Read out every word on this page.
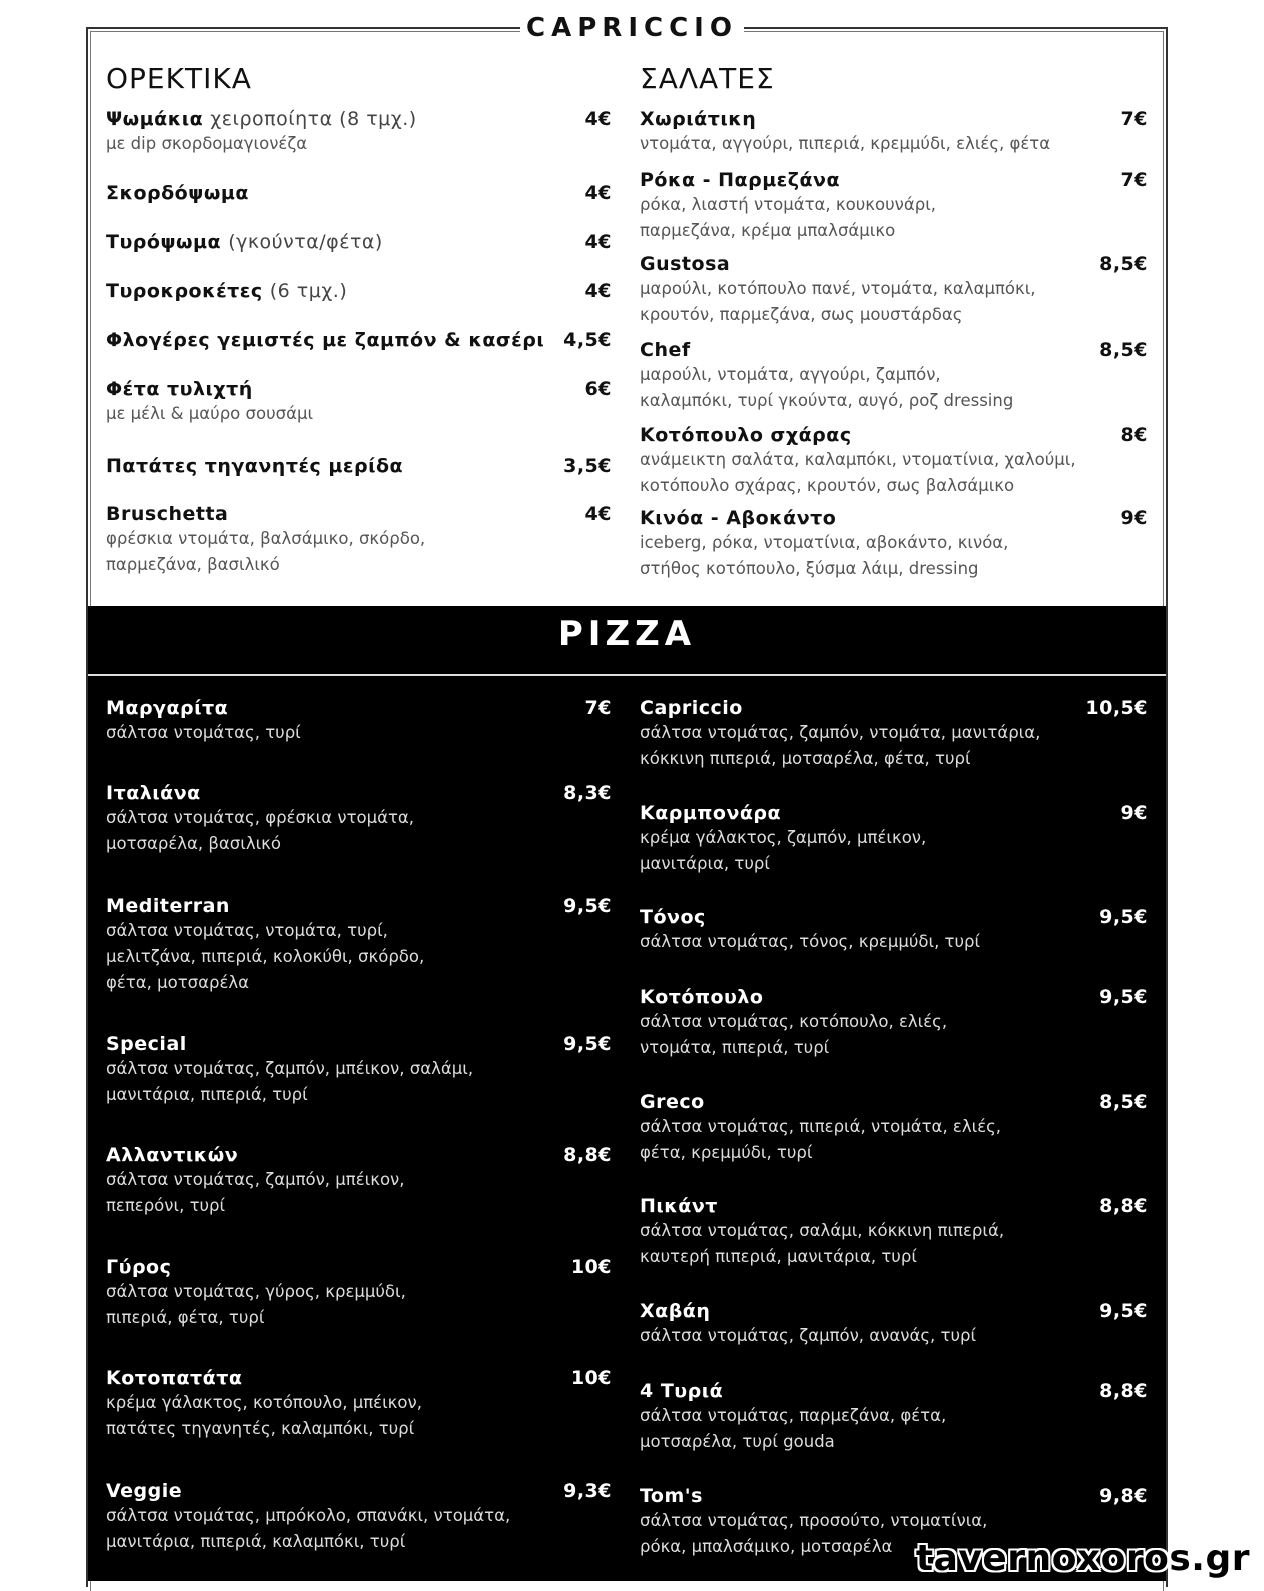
CAPRICCIO
ΟΡΕΚΤΙΚΑ	ΣΑΛΑΤΕΣ
Ψωμάκια χειροποίητα (8 τμχ.)	4€
με dip σκορδομαγιονέζα
Σκορδόψωμα	4€
Τυρόψωμα (γκούντα/φέτα)	4€
Τυροκροκέτες (6 τμχ.)	4€
Φλογέρες γεμιστές με ζαμπόν & κασέρι 4,5€
Φέτα τυλιχτή	6€
με μέλι & μαύρο σουσάμι
Πατάτες τηγανητές μερίδα	3,5€
Bruschetta	4€
φρέσκια ντομάτα, βαλσάμικο, σκόρδο,
παρμεζάνα, βασιλικό
Χωριάτικη	7€
ντομάτα, αγγούρι, πιπεριά, κρεμμύδι, ελιές, φέτα
Ρόκα - Παρμεζάνα	7€
ρόκα, λιαστή ντομάτα, κουκουνάρι,
παρμεζάνα, κρέμα μπαλσάμικο
Gustosa	8,5€
μαρούλι, κοτόπουλο πανέ, ντομάτα, καλαμπόκι,
κρουτόν, παρμεζάνα, σως μουστάρδας
Chef	8,5€
μαρούλι, ντομάτα, αγγούρι, ζαμπόν,
καλαμπόκι, τυρί γκούντα, αυγό, ροζ dressing
Κοτόπουλο σχάρας	8€
ανάμεικτη σαλάτα, καλαμπόκι, ντοματίνια, χαλούμι,
κοτόπουλο σχάρας, κρουτόν, σως βαλσάμικο
Κινόα - Αβοκάντο	9€
iceberg, ρόκα, ντοματίνια, αβοκάντο, κινόα,
στήθος κοτόπουλο, ξύσμα λάιμ, dressing
PIZZA
Μαργαρίτα	7€
σάλτσα ντομάτας, τυρί
Ιταλιάνα	8,3€
σάλτσα ντομάτας, φρέσκια ντομάτα,
μοτσαρέλα, βασιλικό
Mediterran	9,5€
σάλτσα ντομάτας, ντομάτα, τυρί,
μελιτζάνα, πιπεριά, κολοκύθι, σκόρδο,
φέτα, μοτσαρέλα
Special	9,5€
σάλτσα ντομάτας, ζαμπόν, μπέικον, σαλάμι,
μανιτάρια, πιπεριά, τυρί
Αλλαντικών	8,8€
σάλτσα ντομάτας, ζαμπόν, μπέικον,
πεπερόνι, τυρί
Γύρος	10€
σάλτσα ντομάτας, γύρος, κρεμμύδι,
πιπεριά, φέτα, τυρί
Κοτοπατάτα	10€
κρέμα γάλακτος, κοτόπουλο, μπέικον,
πατάτες τηγανητές, καλαμπόκι, τυρί
Veggie	9,3€
σάλτσα ντομάτας, μπρόκολο, σπανάκι, ντομάτα,
μανιτάρια, πιπεριά, καλαμπόκι, τυρί
Capriccio	10,5€
σάλτσα ντομάτας, ζαμπόν, ντομάτα, μανιτάρια,
κόκκινη πιπεριά, μοτσαρέλα, φέτα, τυρί
Καρμπονάρα	9€
κρέμα γάλακτος, ζαμπόν, μπέικον,
μανιτάρια, τυρί
Τόνος	9,5€
σάλτσα ντομάτας, τόνος, κρεμμύδι, τυρί
Κοτόπουλο	9,5€
σάλτσα ντομάτας, κοτόπουλο, ελιές,
ντομάτα, πιπεριά, τυρί
Greco	8,5€
σάλτσα ντομάτας, πιπεριά, ντομάτα, ελιές,
φέτα, κρεμμύδι, τυρί
Πικάντ	8,8€
σάλτσα ντομάτας, σαλάμι, κόκκινη πιπεριά,
καυτερή πιπεριά, μανιτάρια, τυρί
Χαβάη	9,5€
σάλτσα ντομάτας, ζαμπόν, ανανάς, τυρί
4 Τυριά	8,8€
σάλτσα ντομάτας, παρμεζάνα, φέτα,
μοτσαρέλα, τυρί gouda
Tom's	9,8€
σάλτσα ντομάτας, προσούτο, ντοματίνια,
ρόκα, μπαλσάμικο, μοτσαρέλα tavernoxoros.gr
